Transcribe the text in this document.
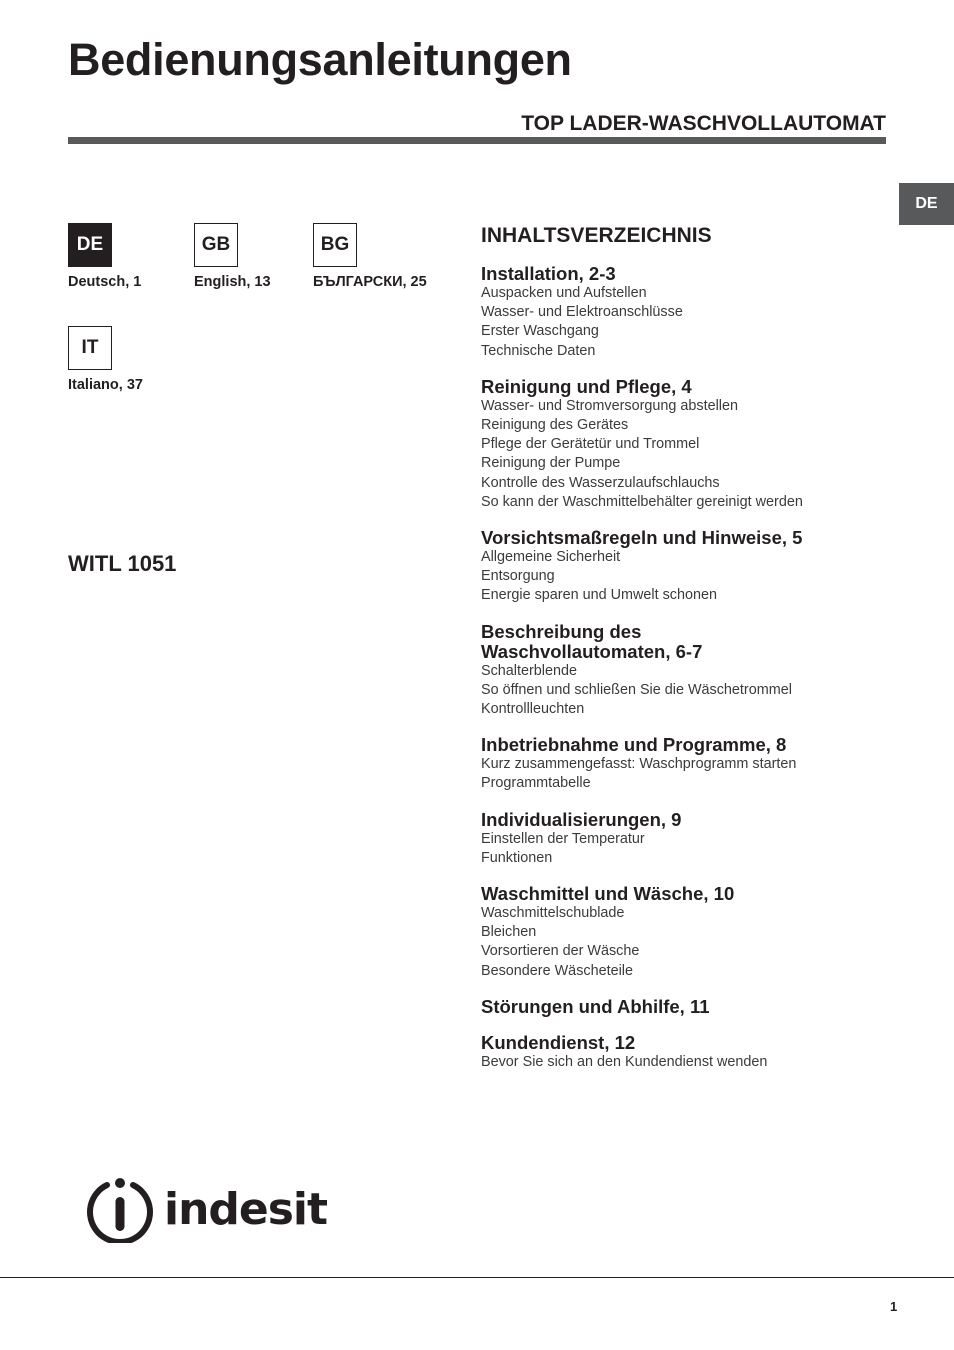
Bedienungsanleitungen
TOP LADER-WASCHVOLLAUTOMAT
DE
DE
Deutsch, 1
GB
English, 13
BG
БЪЛГАРСКИ, 25
IT
Italiano, 37
WITL 1051
INHALTSVERZEICHNIS
Installation, 2-3
Auspacken und Aufstellen
Wasser- und Elektroanschlüsse
Erster Waschgang
Technische Daten
Reinigung und Pflege, 4
Wasser- und Stromversorgung abstellen
Reinigung des Gerätes
Pflege der Gerätetür und Trommel
Reinigung der Pumpe
Kontrolle des Wasserzulaufschlauchs
So kann der Waschmittelbehälter gereinigt werden
Vorsichtsmaßregeln und Hinweise, 5
Allgemeine Sicherheit
Entsorgung
Energie sparen und Umwelt schonen
Beschreibung des
Waschvollautomaten, 6-7
Schalterblende
So öffnen und schließen Sie die Wäschetrommel
Kontrollleuchten
Inbetriebnahme und Programme, 8
Kurz zusammengefasst: Waschprogramm starten
Programmtabelle
Individualisierungen, 9
Einstellen der Temperatur
Funktionen
Waschmittel und Wäsche, 10
Waschmittelschublade
Bleichen
Vorsortieren der Wäsche
Besondere Wäscheteile
Störungen und Abhilfe, 11
Kundendienst, 12
Bevor Sie sich an den Kundendienst wenden
indesit
1
